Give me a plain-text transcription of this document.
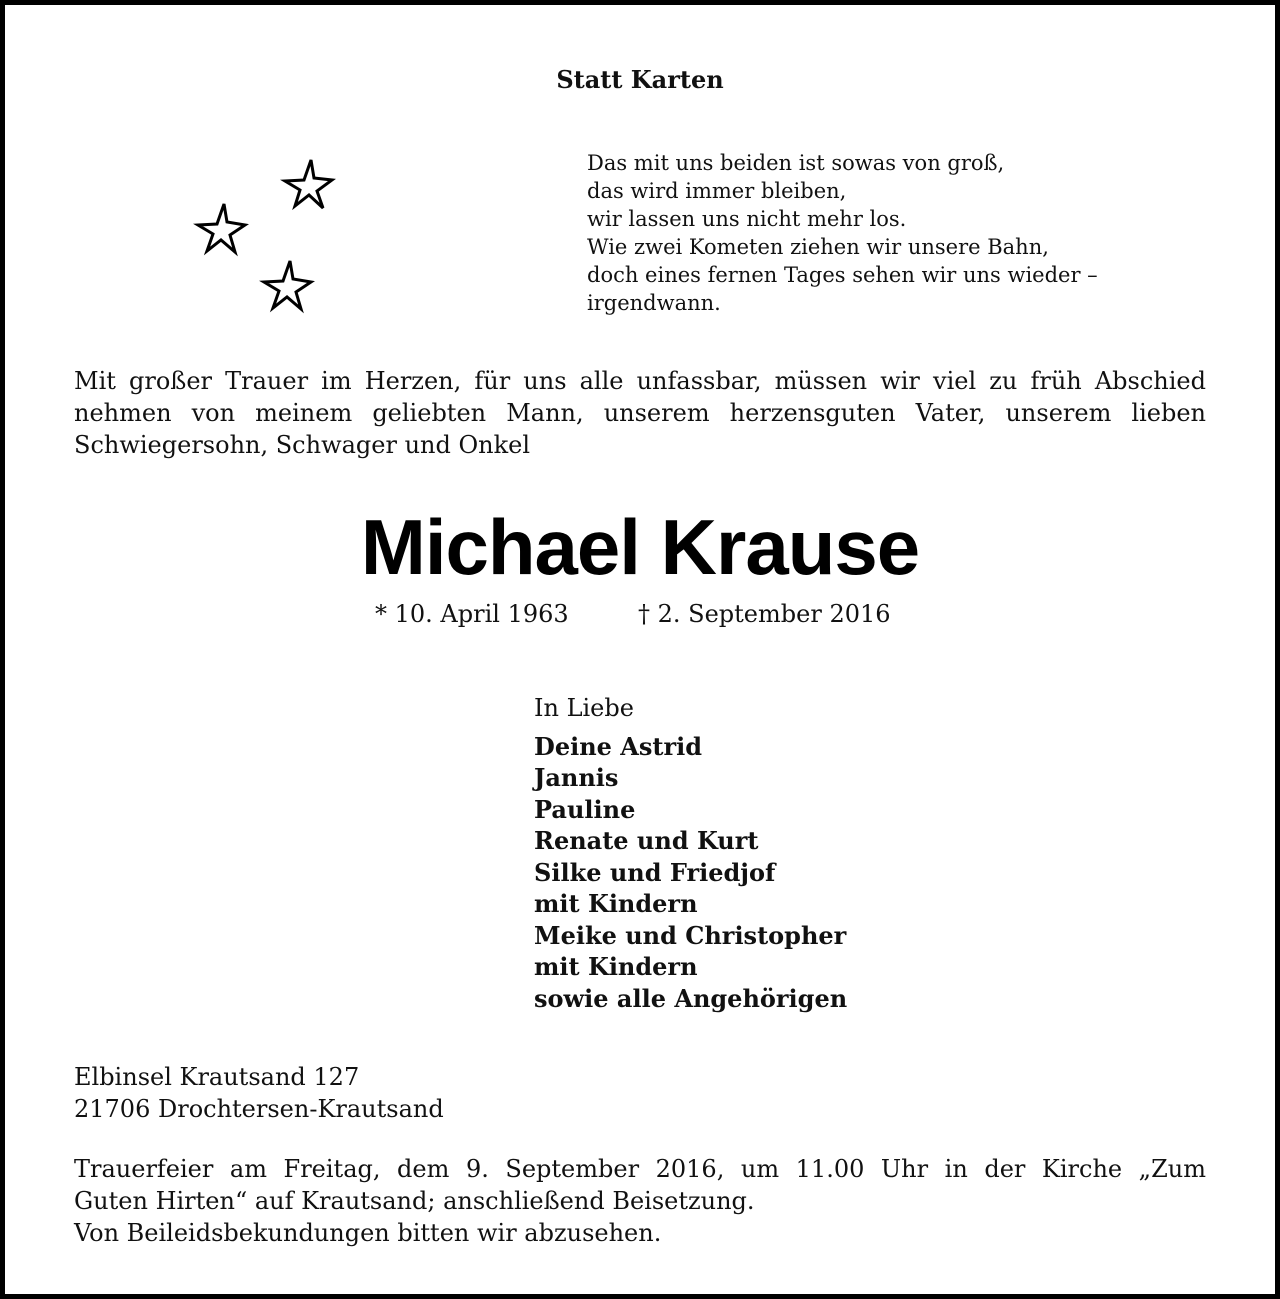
Statt Karten
Das mit uns beiden ist sowas von groß,
das wird immer bleiben,
wir lassen uns nicht mehr los.
Wie zwei Kometen ziehen wir unsere Bahn,
doch eines fernen Tages sehen wir uns wieder –
irgendwann.
Mit großer Trauer im Herzen, für uns alle unfassbar, müssen wir viel zu früh Abschied
nehmen von meinem geliebten Mann, unserem herzensguten Vater, unserem lieben
Schwiegersohn, Schwager und Onkel
Michael Krause
* 10. April 1963	† 2. September 2016
In Liebe
Deine Astrid
Jannis
Pauline
Renate und Kurt
Silke und Friedjof
mit Kindern
Meike und Christopher
mit Kindern
sowie alle Angehörigen
Elbinsel Krautsand 127
21706 Drochtersen-Krautsand
Trauerfeier am Freitag, dem 9. September 2016, um 11.00 Uhr in der Kirche „Zum
Guten Hirten“ auf Krautsand; anschließend Beisetzung.
Von Beileidsbekundungen bitten wir abzusehen.
